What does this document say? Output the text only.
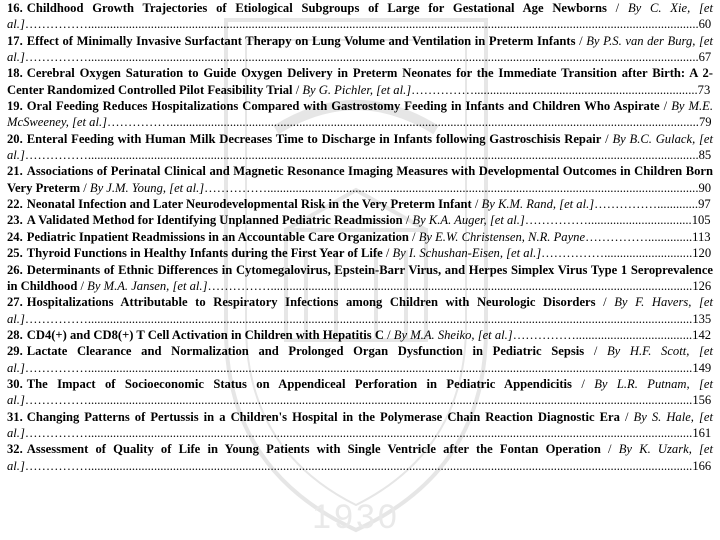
1930
16. Childhood Growth Trajectories of Etiological Subgroups of Large for Gestational Age Newborns / By C. Xie, [et al.]……………..................................................................................................................................................................................................60
17. Effect of Minimally Invasive Surfactant Therapy on Lung Volume and Ventilation in Preterm Infants / By P.S. van der Burg, [et al.]……………..................................................................................................................................................................................................67
18. Cerebral Oxygen Saturation to Guide Oxygen Delivery in Preterm Neonates for the Immediate Transition after Birth: A 2-Center Randomized Controlled Pilot Feasibility Trial / By G. Pichler, [et al.]…………….......................................................................73
19. Oral Feeding Reduces Hospitalizations Compared with Gastrostomy Feeding in Infants and Children Who Aspirate / By M.E. McSweeney, [et al.]……………........................................................................................................................................................................79
20. Enteral Feeding with Human Milk Decreases Time to Discharge in Infants following Gastroschisis Repair / By B.C. Gulack, [et al.]……………..................................................................................................................................................................................................85
21. Associations of Perinatal Clinical and Magnetic Resonance Imaging Measures with Developmental Outcomes in Children Born Very Preterm / By J.M. Young, [et al.]…………….........................................................................................................................................90
22. Neonatal Infection and Later Neurodevelopmental Risk in the Very Preterm Infant / By K.M. Rand, [et al.]…………….............97
23. A Validated Method for Identifying Unplanned Pediatric Readmission / By K.A. Auger, [et al.]…………….................................105
24. Pediatric Inpatient Readmissions in an Accountable Care Organization / By E.W. Christensen, N.R. Payne……………..............113
25. Thyroid Functions in Healthy Infants during the First Year of Life / By I. Schushan-Eisen, [et al.]……………............................120
26. Determinants of Ethnic Differences in Cytomegalovirus, Epstein-Barr Virus, and Herpes Simplex Virus Type 1 Seroprevalence in Childhood / By M.A. Jansen, [et al.]……………......................................................................................................................................126
27. Hospitalizations Attributable to Respiratory Infections among Children with Neurologic Disorders / By F. Havers, [et al.]……………................................................................................................................................................................................................135
28. CD4(+) and CD8(+) T Cell Activation in Children with Hepatitis C / By M.A. Sheiko, [et al.]…………….....................................142
29. Lactate Clearance and Normalization and Prolonged Organ Dysfunction in Pediatric Sepsis / By H.F. Scott, [et al.]……………................................................................................................................................................................................................149
30. The Impact of Socioeconomic Status on Appendiceal Perforation in Pediatric Appendicitis / By L.R. Putnam, [et al.]……………................................................................................................................................................................................................156
31. Changing Patterns of Pertussis in a Children's Hospital in the Polymerase Chain Reaction Diagnostic Era / By S. Hale, [et al.]……………................................................................................................................................................................................................161
32. Assessment of Quality of Life in Young Patients with Single Ventricle after the Fontan Operation / By K. Uzark, [et al.]……………................................................................................................................................................................................................166
